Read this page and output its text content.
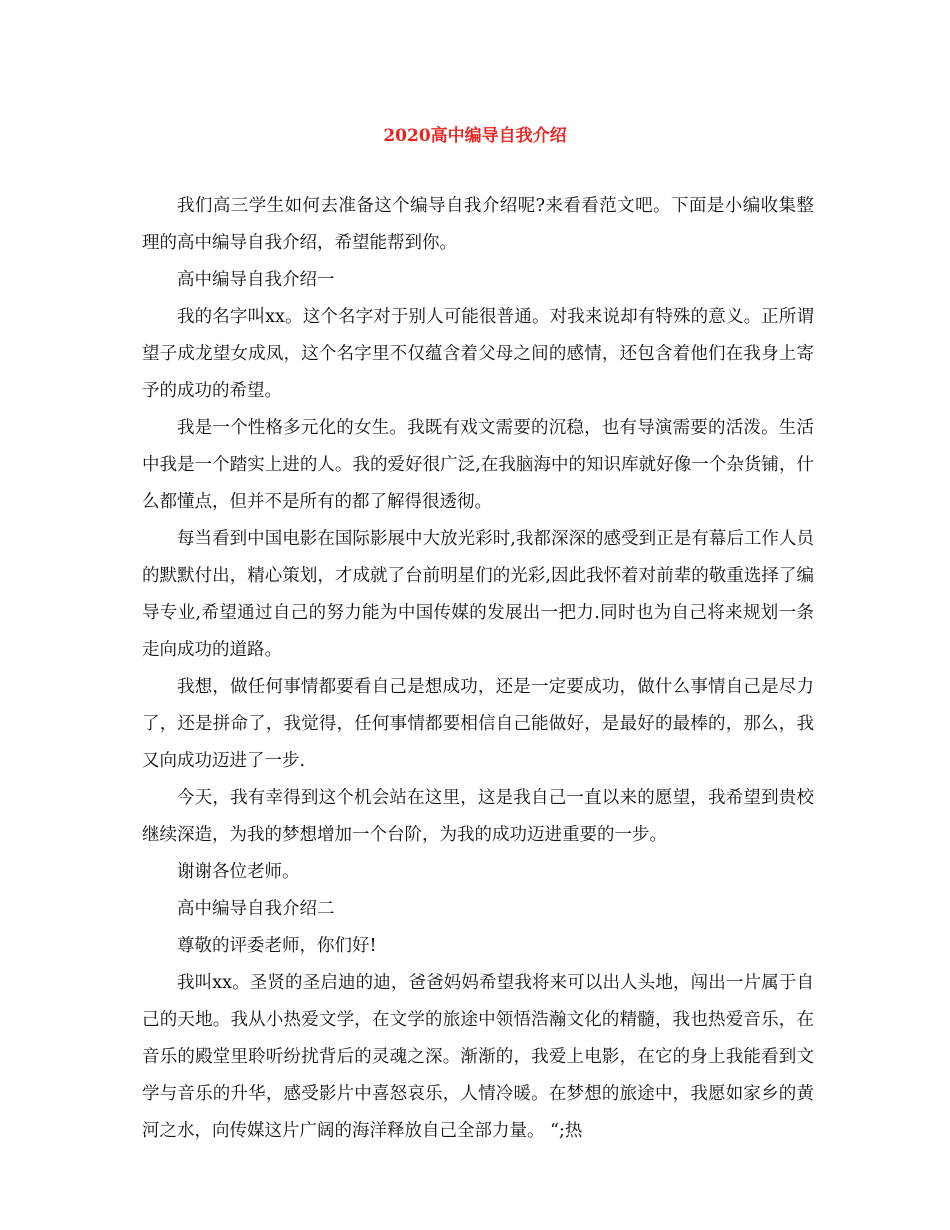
2020高中编导自我介绍

我们高三学生如何去准备这个编导自我介绍呢?来看看范文吧。下面是小编收集整理的高中编导自我介绍，希望能帮到你。

高中编导自我介绍一

我的名字叫xx。这个名字对于别人可能很普通。对我来说却有特殊的意义。正所谓望子成龙望女成凤，这个名字里不仅蕴含着父母之间的感情，还包含着他们在我身上寄予的成功的希望。

我是一个性格多元化的女生。我既有戏文需要的沉稳，也有导演需要的活泼。生活中我是一个踏实上进的人。我的爱好很广泛,在我脑海中的知识库就好像一个杂货铺，什么都懂点，但并不是所有的都了解得很透彻。

每当看到中国电影在国际影展中大放光彩时,我都深深的感受到正是有幕后工作人员的默默付出，精心策划，才成就了台前明星们的光彩,因此我怀着对前辈的敬重选择了编导专业,希望通过自己的努力能为中国传媒的发展出一把力.同时也为自己将来规划一条走向成功的道路。

我想，做任何事情都要看自己是想成功，还是一定要成功，做什么事情自己是尽力了，还是拼命了，我觉得，任何事情都要相信自己能做好，是最好的最棒的，那么，我又向成功迈进了一步.

今天，我有幸得到这个机会站在这里，这是我自己一直以来的愿望，我希望到贵校继续深造，为我的梦想增加一个台阶，为我的成功迈进重要的一步。

谢谢各位老师。

高中编导自我介绍二

尊敬的评委老师，你们好!

我叫xx。圣贤的圣启迪的迪，爸爸妈妈希望我将来可以出人头地，闯出一片属于自己的天地。我从小热爱文学，在文学的旅途中领悟浩瀚文化的精髓，我也热爱音乐，在音乐的殿堂里聆听纷扰背后的灵魂之深。渐渐的，我爱上电影，在它的身上我能看到文学与音乐的升华，感受影片中喜怒哀乐，人情冷暖。在梦想的旅途中，我愿如家乡的黄河之水，向传媒这片广阔的海洋释放自己全部力量。 “;热
